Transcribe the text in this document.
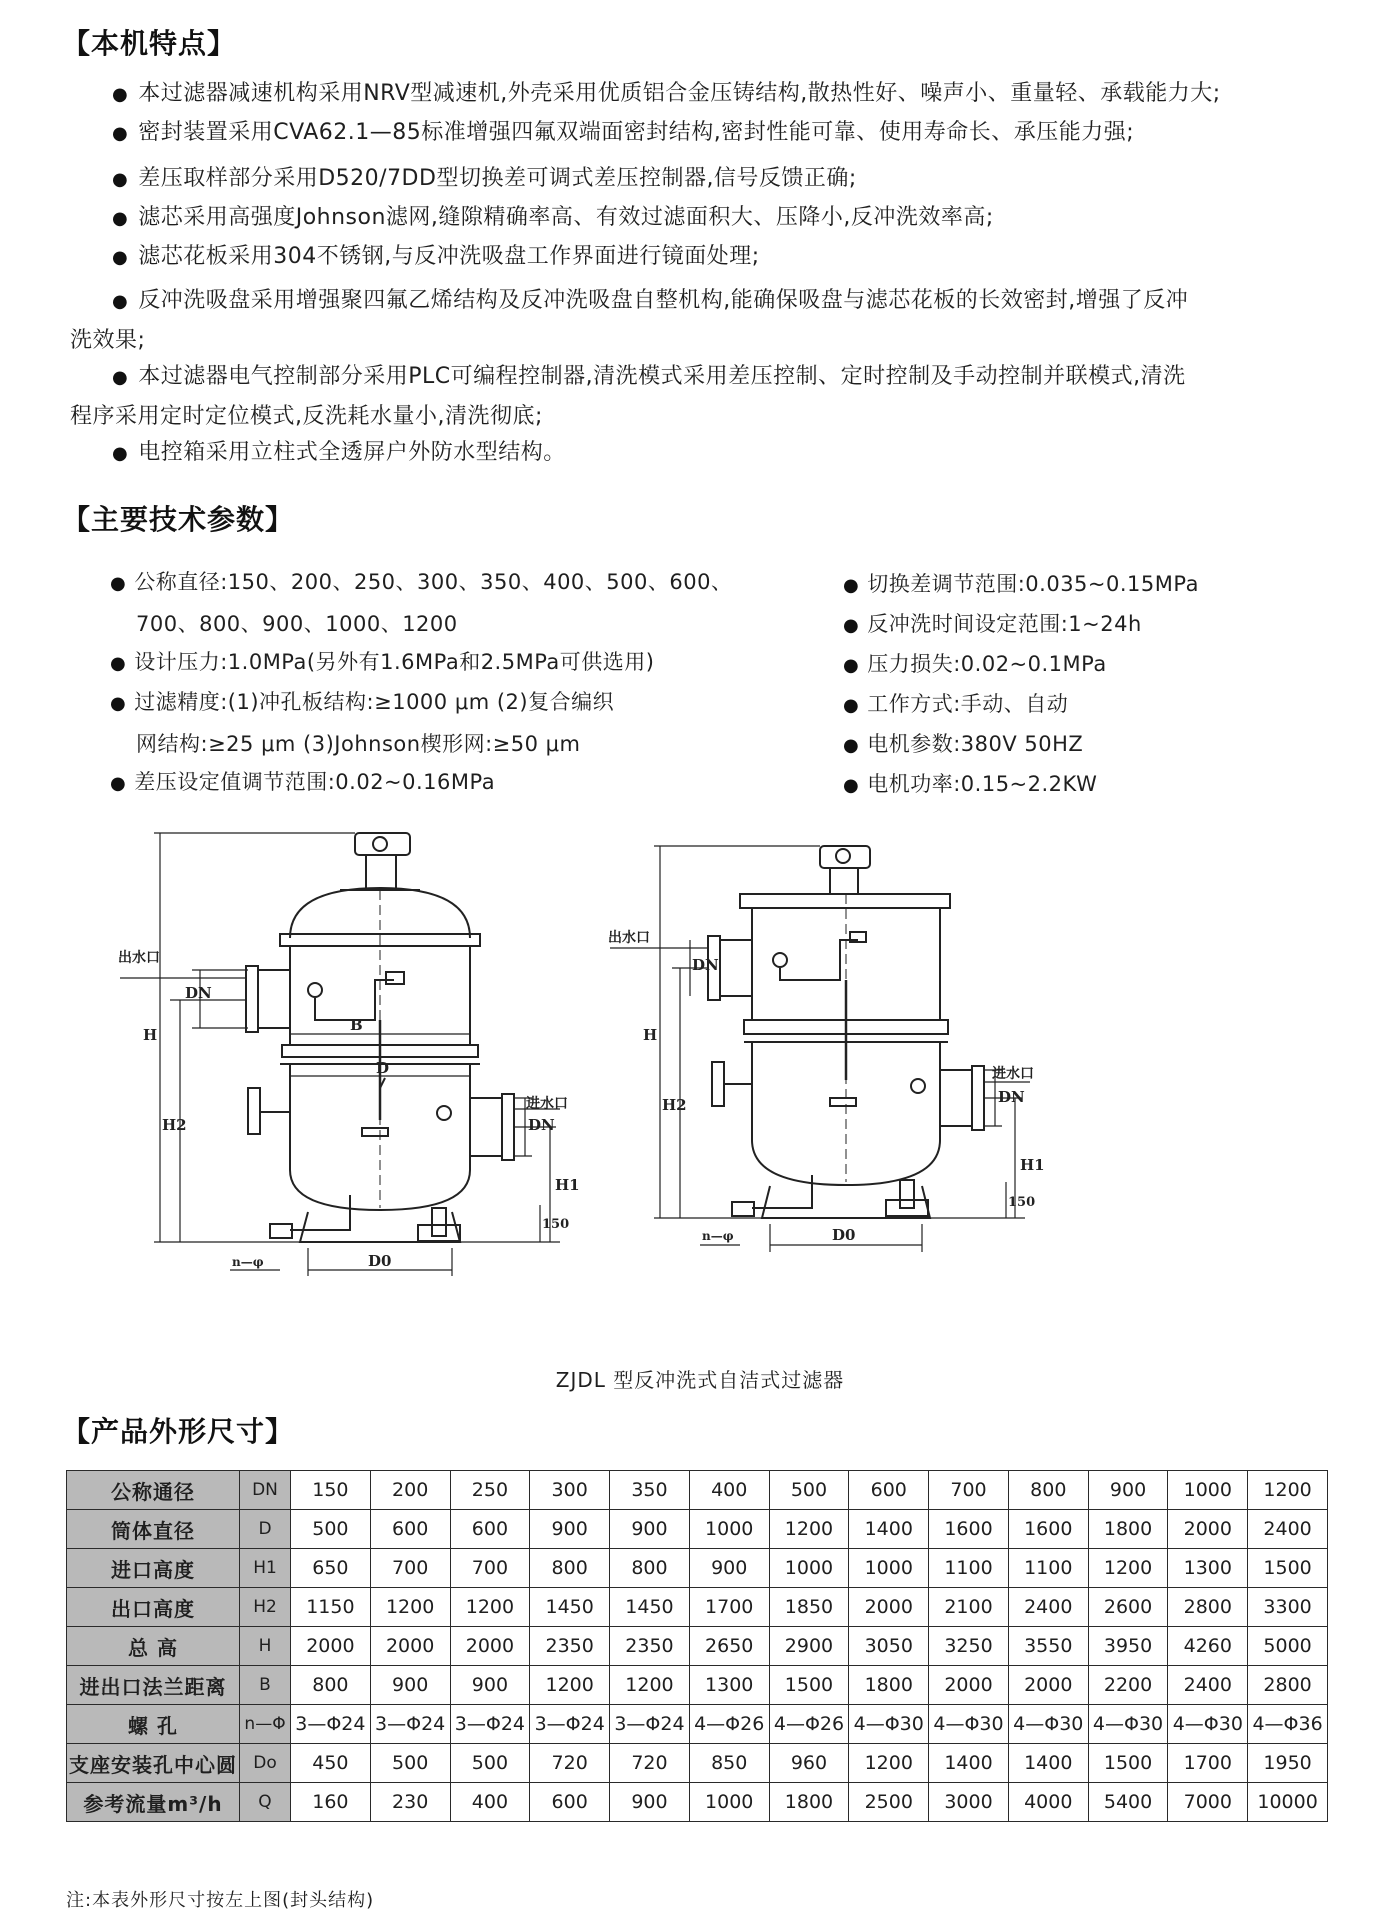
【本机特点】

● 本过滤器减速机构采用NRV型减速机,外壳采用优质铝合金压铸结构,散热性好、噪声小、重量轻、承载能力大;

● 密封装置采用CVA62.1—85标准增强四氟双端面密封结构,密封性能可靠、使用寿命长、承压能力强;

● 差压取样部分采用D520/7DD型切换差可调式差压控制器,信号反馈正确;

● 滤芯采用高强度Johnson滤网,缝隙精确率高、有效过滤面积大、压降小,反冲洗效率高;

● 滤芯花板采用304不锈钢,与反冲洗吸盘工作界面进行镜面处理;

● 反冲洗吸盘采用增强聚四氟乙烯结构及反冲洗吸盘自整机构,能确保吸盘与滤芯花板的长效密封,增强了反冲
洗效果;

● 本过滤器电气控制部分采用PLC可编程控制器,清洗模式采用差压控制、定时控制及手动控制并联模式,清洗
程序采用定时定位模式,反洗耗水量小,清洗彻底;

● 电控箱采用立柱式全透屏户外防水型结构。

【主要技术参数】

● 公称直径:150、200、250、300、350、400、500、600、
700、800、900、1000、1200

● 设计压力:1.0MPa(另外有1.6MPa和2.5MPa可供选用)

● 过滤精度:(1)冲孔板结构:≥1000 μm (2)复合编织
网结构:≥25 μm (3)Johnson楔形网:≥50 μm

● 差压设定值调节范围:0.02~0.16MPa

● 切换差调节范围:0.035~0.15MPa

● 反冲洗时间设定范围:1~24h

● 压力损失:0.02~0.1MPa

● 工作方式:手动、自动

● 电机参数:380V 50HZ

● 电机功率:0.15~2.2KW

出水口
进水口
H
H2
H1
DN
DN
B
D
D0
150
n—φ
出水口
进水口
H
H2
H1
DN
DN
D0
150
n—φ

ZJDL 型反冲洗式自洁式过滤器

【产品外形尺寸】
公称通径	DN	150	200	250	300	350	400	500	600	700	800	900	1000	1200
筒体直径	D	500	600	600	900	900	1000	1200	1400	1600	1600	1800	2000	2400
进口高度	H1	650	700	700	800	800	900	1000	1000	1100	1100	1200	1300	1500
出口高度	H2	1150	1200	1200	1450	1450	1700	1850	2000	2100	2400	2600	2800	3300
总 高	H	2000	2000	2000	2350	2350	2650	2900	3050	3250	3550	3950	4260	5000
进出口法兰距离	B	800	900	900	1200	1200	1300	1500	1800	2000	2000	2200	2400	2800
螺 孔	n—Φ	3—Φ24	3—Φ24	3—Φ24	3—Φ24	3—Φ24	4—Φ26	4—Φ26	4—Φ30	4—Φ30	4—Φ30	4—Φ30	4—Φ30	4—Φ36
支座安装孔中心圆	Do	450	500	500	720	720	850	960	1200	1400	1400	1500	1700	1950
参考流量m³/h	Q	160	230	400	600	900	1000	1800	2500	3000	4000	5400	7000	10000

注:本表外形尺寸按左上图(封头结构)
